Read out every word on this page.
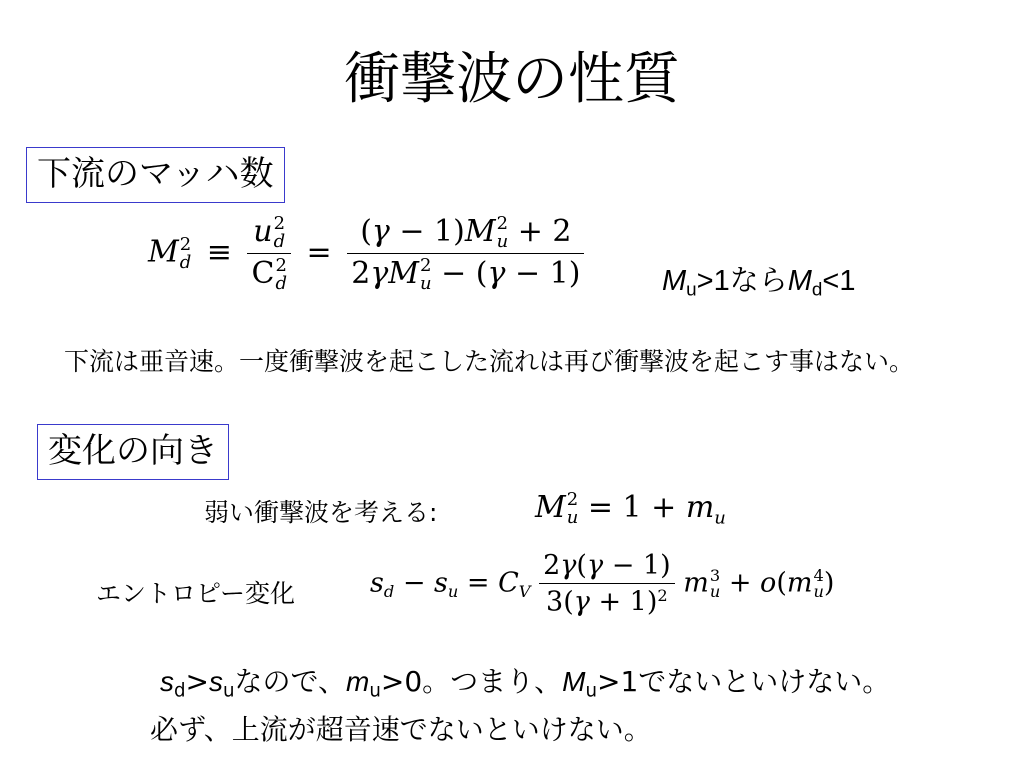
衝撃波の性質
下流のマッハ数
M 2
d ≡ u 2
d
C 2
d = (γ − 1)M 2
u + 2
2γM 2
u − (γ − 1)	$M_u>1$なら$M_d<1$
下流は亜音速。一度衝撃波を起こした流れは再び衝撃波を起こす事はない。
変化の向き
弱い衝撃波を考える:	M 2
$u = 1 + m_u$
エントロピー変化	$s_d - s_u = C_V \frac{2\gamma(\gamma - 1)}{3(\gamma + 1)^2}$ m 3
u + o(m 4
u)
$s_d>s_u$なので、$m_u>0$。つまり、$M_u>1$でないといけない。
必ず、上流が超音速でないといけない。
